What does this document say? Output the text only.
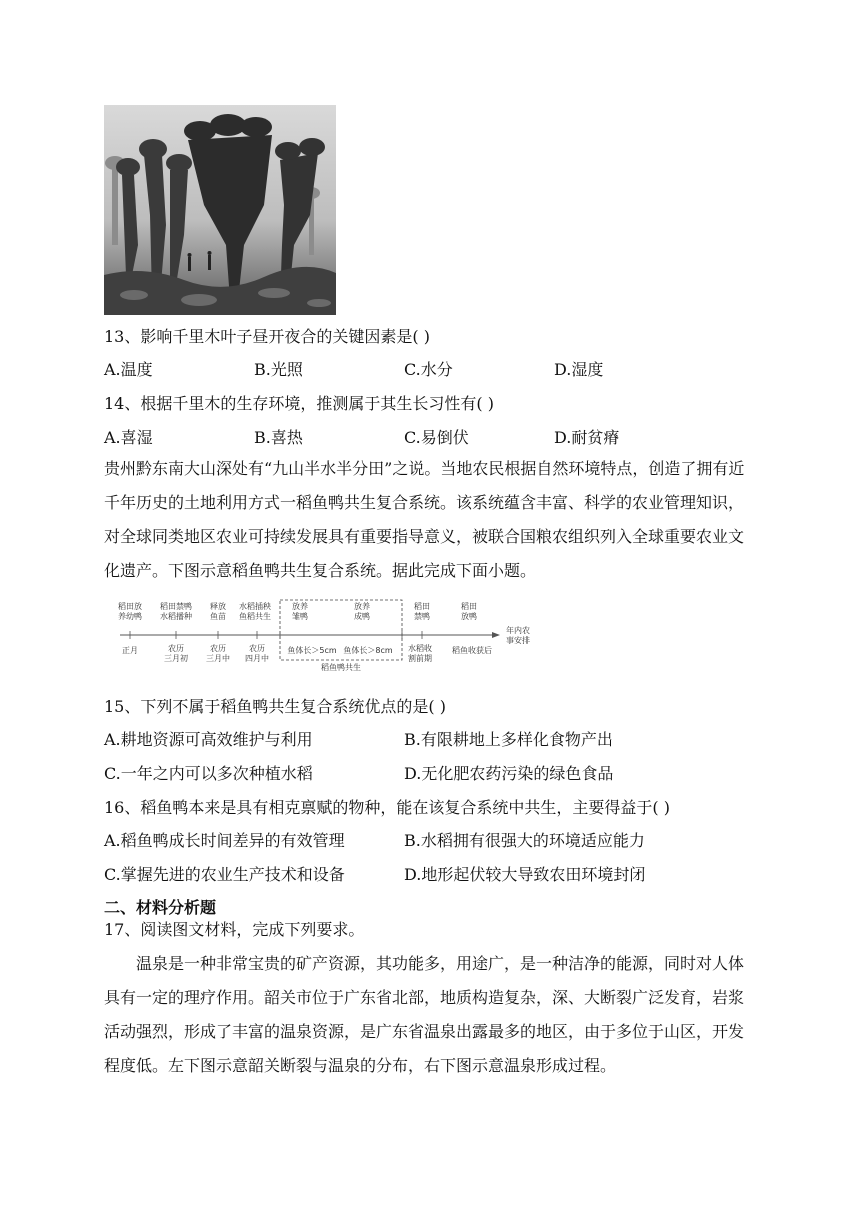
13、影响千里木叶子昼开夜合的关键因素是( )
A.温度	B.光照	C.水分	D.湿度
14、根据千里木的生存环境，推测属于其生长习性有( )
A.喜湿	B.喜热	C.易倒伏	D.耐贫瘠
贵州黔东南大山深处有“九山半水半分田”之说。当地农民根据自然环境特点，创造了拥有近千年历史的土地利用方式一稻鱼鸭共生复合系统。该系统蕴含丰富、科学的农业管理知识，对全球同类地区农业可持续发展具有重要指导意义，被联合国粮农组织列入全球重要农业文化遗产。下图示意稻鱼鸭共生复合系统。据此完成下面小题。
稻田放养幼鸭
稻田禁鸭水稻播种
释放鱼苗
水稻插秧鱼稻共生
放养雏鸭
放养成鸭
稻田禁鸭
稻田放鸭
正月	农历三月初
农历三月中
农历四月中
鱼体长＞5cm 鱼体长＞8cm 水稻收割前期
稻鱼收获后
稻鱼鸭共生
年内农事安排
15、下列不属于稻鱼鸭共生复合系统优点的是( )
A.耕地资源可高效维护与利用	B.有限耕地上多样化食物产出
C.一年之内可以多次种植水稻	D.无化肥农药污染的绿色食品
16、稻鱼鸭本来是具有相克禀赋的物种，能在该复合系统中共生，主要得益于( )
A.稻鱼鸭成长时间差异的有效管理	B.水稻拥有很强大的环境适应能力
C.掌握先进的农业生产技术和设备	D.地形起伏较大导致农田环境封闭
二、材料分析题
17、阅读图文材料，完成下列要求。
温泉是一种非常宝贵的矿产资源，其功能多，用途广，是一种洁净的能源，同时对人体具有一定的理疗作用。韶关市位于广东省北部，地质构造复杂，深、大断裂广泛发育，岩浆活动强烈，形成了丰富的温泉资源，是广东省温泉出露最多的地区，由于多位于山区，开发程度低。左下图示意韶关断裂与温泉的分布，右下图示意温泉形成过程。
